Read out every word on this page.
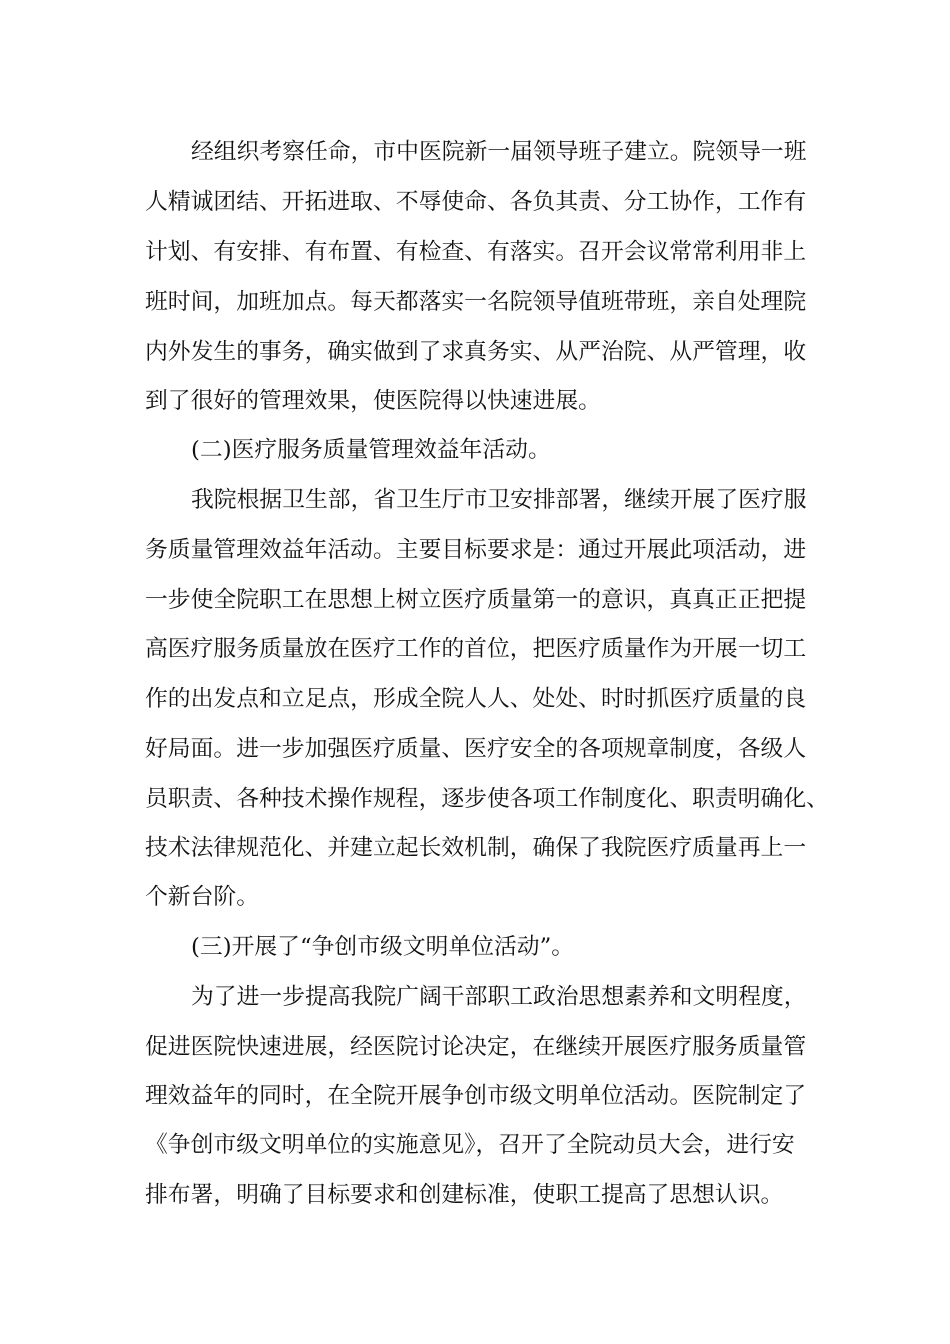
经组织考察任命，市中医院新一届领导班子建立。院领导一班
人精诚团结、开拓进取、不辱使命、各负其责、分工协作，工作有
计划、有安排、有布置、有检查、有落实。召开会议常常利用非上
班时间，加班加点。每天都落实一名院领导值班带班，亲自处理院
内外发生的事务，确实做到了求真务实、从严治院、从严管理，收
到了很好的管理效果，使医院得以快速进展。
(二)医疗服务质量管理效益年活动。
我院根据卫生部，省卫生厅市卫安排部署，继续开展了医疗服
务质量管理效益年活动。主要目标要求是：通过开展此项活动，进
一步使全院职工在思想上树立医疗质量第一的意识，真真正正把提
高医疗服务质量放在医疗工作的首位，把医疗质量作为开展一切工
作的出发点和立足点，形成全院人人、处处、时时抓医疗质量的良
好局面。进一步加强医疗质量、医疗安全的各项规章制度，各级人
员职责、各种技术操作规程，逐步使各项工作制度化、职责明确化、
技术法律规范化、并建立起长效机制，确保了我院医疗质量再上一
个新台阶。
(三)开展了“争创市级文明单位活动”。
为了进一步提高我院广阔干部职工政治思想素养和文明程度，
促进医院快速进展，经医院讨论决定，在继续开展医疗服务质量管
理效益年的同时，在全院开展争创市级文明单位活动。医院制定了
《争创市级文明单位的实施意见》，召开了全院动员大会，进行安
排布署，明确了目标要求和创建标准，使职工提高了思想认识。
